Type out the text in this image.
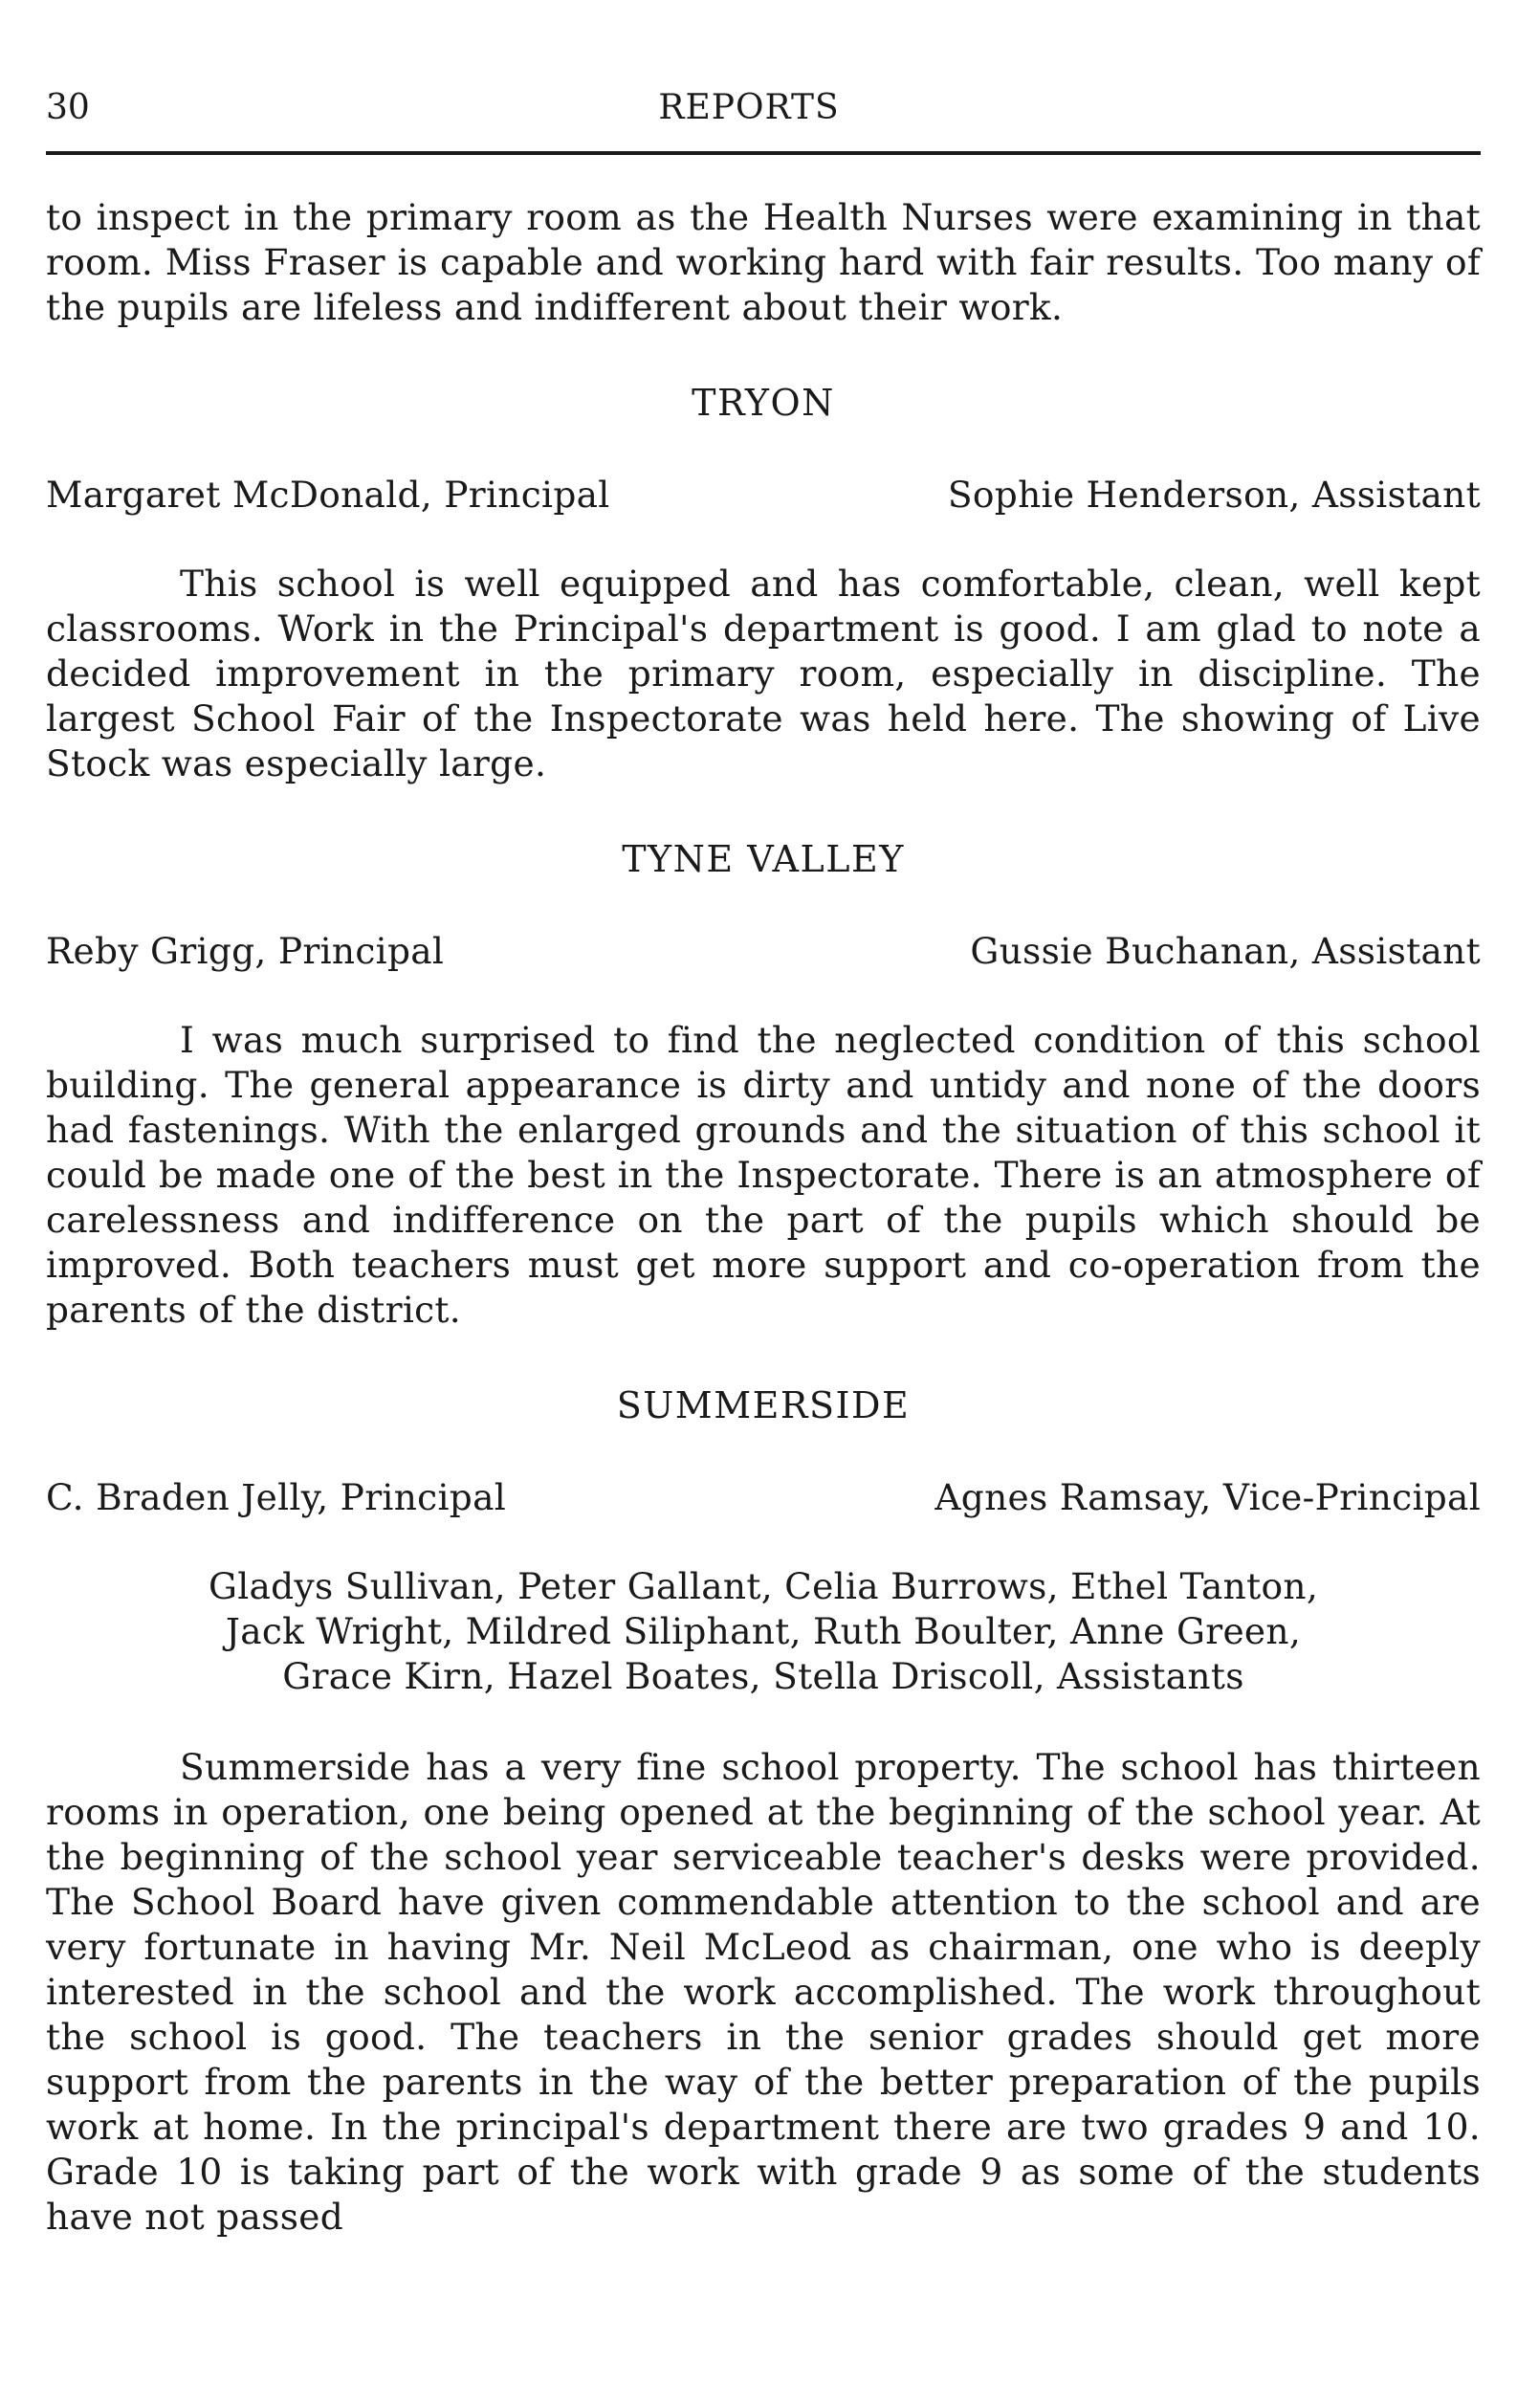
30	REPORTS

to inspect in the primary room as the Health Nurses were examining in that room. Miss Fraser is capable and working hard with fair results. Too many of the pupils are lifeless and indifferent about their work.

TRYON
Margaret McDonald, Principal	Sophie Henderson, Assistant

This school is well equipped and has comfortable, clean, well kept classrooms. Work in the Principal's department is good. I am glad to note a decided improvement in the primary room, especially in discipline. The largest School Fair of the Inspectorate was held here. The showing of Live Stock was especially large.

TYNE VALLEY
Reby Grigg, Principal	Gussie Buchanan, Assistant

I was much surprised to find the neglected condition of this school building. The general appearance is dirty and untidy and none of the doors had fastenings. With the enlarged grounds and the situation of this school it could be made one of the best in the Inspectorate. There is an atmosphere of carelessness and indifference on the part of the pupils which should be improved. Both teachers must get more support and co-operation from the parents of the district.

SUMMERSIDE
C. Braden Jelly, Principal	Agnes Ramsay, Vice-Principal
Gladys Sullivan, Peter Gallant, Celia Burrows, Ethel Tanton,
Jack Wright, Mildred Siliphant, Ruth Boulter, Anne Green,
Grace Kirn, Hazel Boates, Stella Driscoll, Assistants

Summerside has a very fine school property. The school has thirteen rooms in operation, one being opened at the beginning of the school year. At the beginning of the school year serviceable teacher's desks were provided. The School Board have given commendable attention to the school and are very fortunate in having Mr. Neil McLeod as chairman, one who is deeply interested in the school and the work accomplished. The work throughout the school is good. The teachers in the senior grades should get more support from the parents in the way of the better preparation of the pupils work at home. In the principal's department there are two grades 9 and 10. Grade 10 is taking part of the work with grade 9 as some of the students have not passed
